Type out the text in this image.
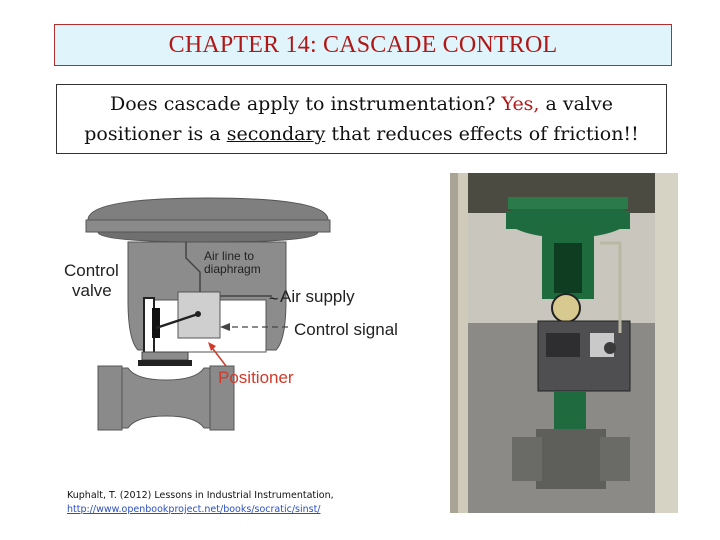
CHAPTER 14: CASCADE CONTROL
Does cascade apply to instrumentation? Yes, a valve
positioner is a secondary that reduces effects of friction!!
~
Control valve
Air line to diaphragm
Air supply
Control signal
Positioner
Kuphalt, T. (2012) Lessons in Industrial Instrumentation,
http://www.openbookproject.net/books/socratic/sinst/
